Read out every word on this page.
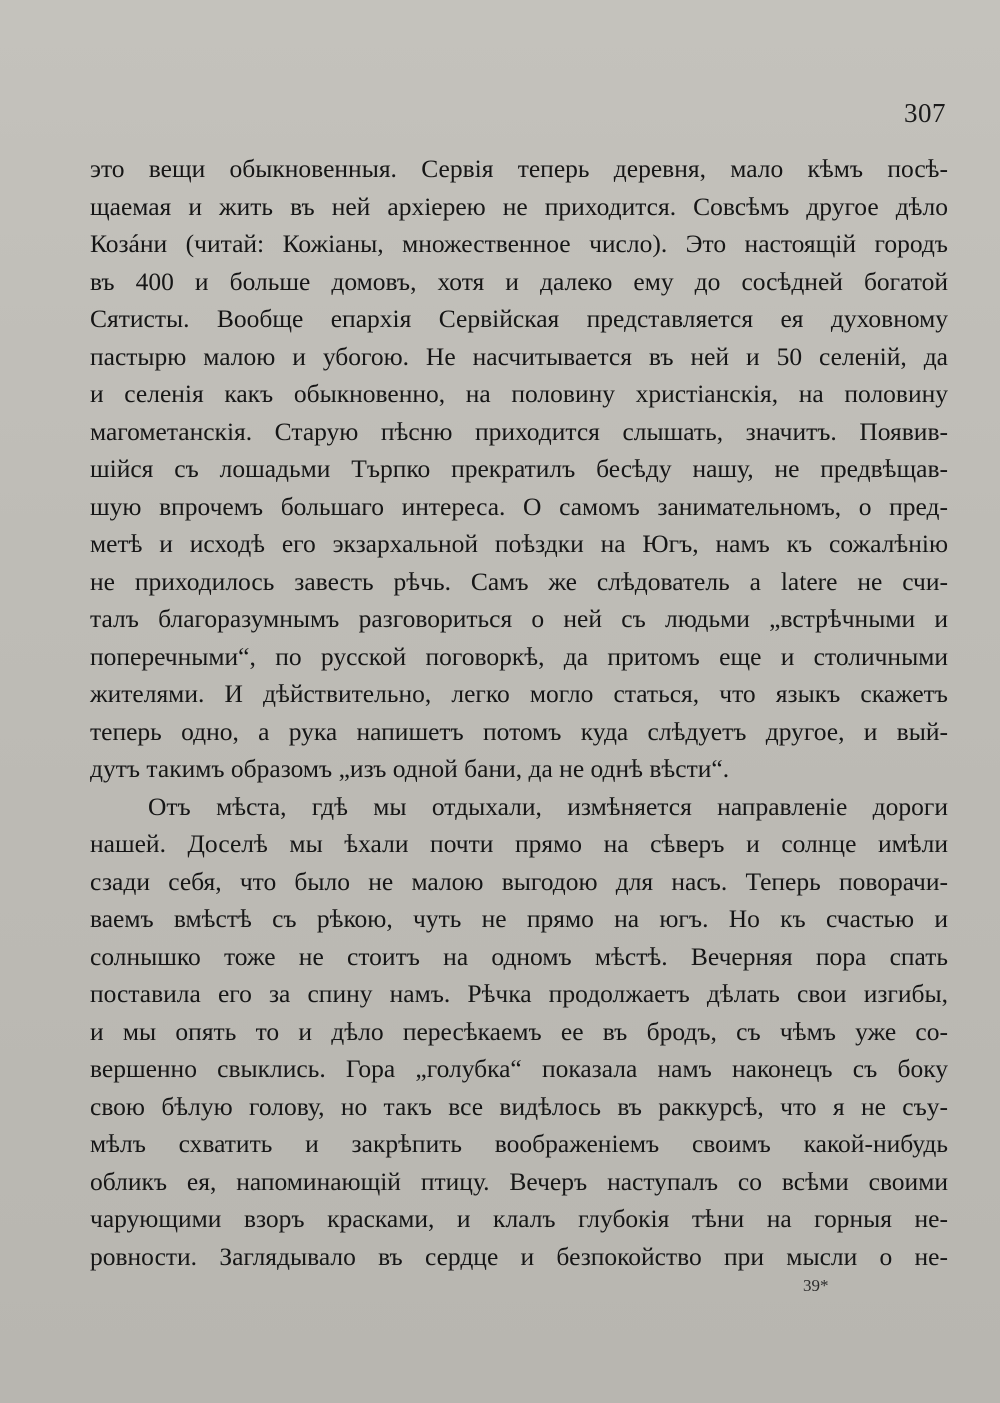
307
это вещи обыкновенныя. Сервія теперь деревня, мало кѣмъ посѣ-
щаемая и жить въ ней архіерею не приходится. Совсѣмъ другое дѣло
Козáни (читай: Кожіаны, множественное число). Это настоящій городъ
въ 400 и больше домовъ, хотя и далеко ему до сосѣдней богатой
Сятисты. Вообще епархія Сервійская представляется ея духовному
пастырю малою и убогою. Не насчитывается въ ней и 50 селеній, да
и селенія какъ обыкновенно, на половину христіанскія, на половину
магометанскія. Старую пѣсню приходится слышать, значитъ. Появив-
шійся съ лошадьми Търпко прекратилъ бесѣду нашу, не предвѣщав-
шую впрочемъ большаго интереса. О самомъ занимательномъ, о пред-
метѣ и исходѣ его экзархальной поѣздки на Югъ, намъ къ сожалѣнію
не приходилось завесть рѣчь. Самъ же слѣдователь a latere не счи-
талъ благоразумнымъ разговориться о ней съ людьми „встрѣчными и
поперечными“, по русской поговоркѣ, да притомъ еще и столичными
жителями. И дѣйствительно, легко могло статься, что языкъ скажетъ
теперь одно, а рука напишетъ потомъ куда слѣдуетъ другое, и вый-
дутъ такимъ образомъ „изъ одной бани, да не однѣ вѣсти“.
Отъ мѣста, гдѣ мы отдыхали, измѣняется направленіе дороги
нашей. Доселѣ мы ѣхали почти прямо на сѣверъ и солнце имѣли
сзади себя, что было не малою выгодою для насъ. Теперь поворачи-
ваемъ вмѣстѣ съ рѣкою, чуть не прямо на югъ. Но къ счастью и
солнышко тоже не стоитъ на одномъ мѣстѣ. Вечерняя пора спать
поставила его за спину намъ. Рѣчка продолжаетъ дѣлать свои изгибы,
и мы опять то и дѣло пересѣкаемъ ее въ бродъ, съ чѣмъ уже со-
вершенно свыклись. Гора „голубка“ показала намъ наконецъ съ боку
свою бѣлую голову, но такъ все видѣлось въ раккурсѣ, что я не съу-
мѣлъ схватить и закрѣпить воображеніемъ своимъ какой-нибудь
обликъ ея, напоминающій птицу. Вечеръ наступалъ со всѣми своими
чарующими взоръ красками, и клалъ глубокія тѣни на горныя не-
ровности. Заглядывало въ сердце и безпокойство при мысли о не-
39*
